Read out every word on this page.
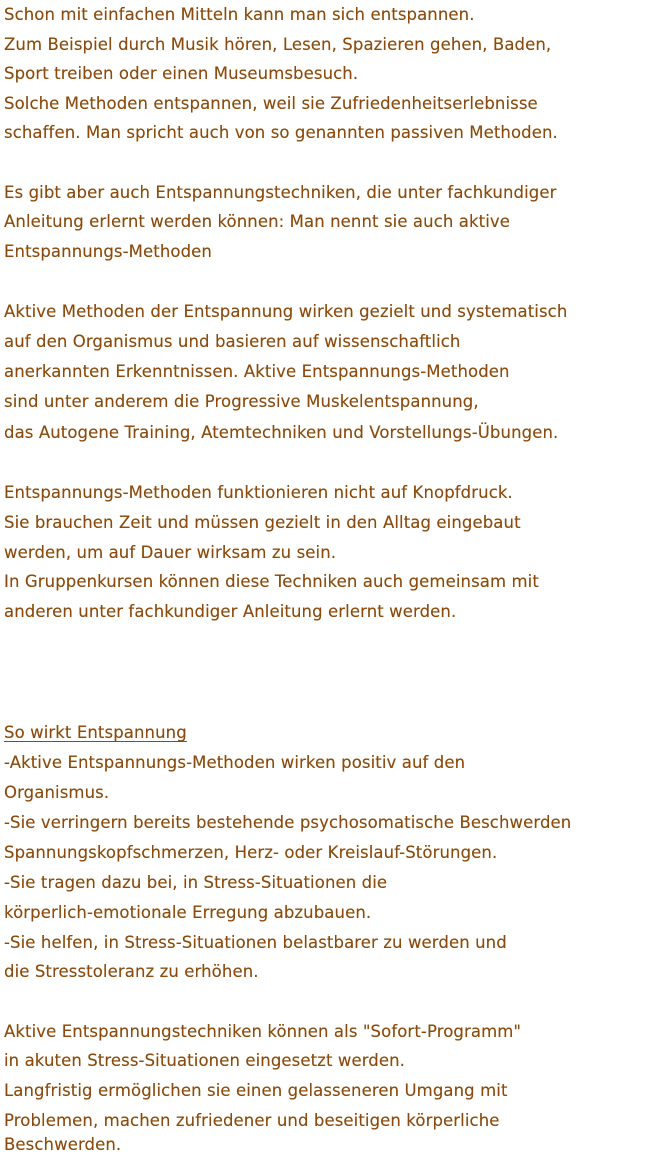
Schon mit einfachen Mitteln kann man sich entspannen.
Zum Beispiel durch Musik hören, Lesen, Spazieren gehen, Baden,
Sport treiben oder einen Museumsbesuch.
Solche Methoden entspannen, weil sie Zufriedenheitserlebnisse
schaffen. Man spricht auch von so genannten passiven Methoden.
Es gibt aber auch Entspannungstechniken, die unter fachkundiger
Anleitung erlernt werden können: Man nennt sie auch aktive
Entspannungs-Methoden
Aktive Methoden der Entspannung wirken gezielt und systematisch
auf den Organismus und basieren auf wissenschaftlich
anerkannten Erkenntnissen. Aktive Entspannungs-Methoden
sind unter anderem die Progressive Muskelentspannung,
das Autogene Training, Atemtechniken und Vorstellungs-Übungen.
Entspannungs-Methoden funktionieren nicht auf Knopfdruck.
Sie brauchen Zeit und müssen gezielt in den Alltag eingebaut
werden, um auf Dauer wirksam zu sein.
In Gruppenkursen können diese Techniken auch gemeinsam mit
anderen unter fachkundiger Anleitung erlernt werden.
So wirkt Entspannung
-Aktive Entspannungs-Methoden wirken positiv auf den
Organismus.
-Sie verringern bereits bestehende psychosomatische Beschwerden
Spannungskopfschmerzen, Herz- oder Kreislauf-Störungen.
-Sie tragen dazu bei, in Stress-Situationen die
körperlich-emotionale Erregung abzubauen.
-Sie helfen, in Stress-Situationen belastbarer zu werden und
die Stresstoleranz zu erhöhen.
Aktive Entspannungstechniken können als "Sofort-Programm"
in akuten Stress-Situationen eingesetzt werden.
Langfristig ermöglichen sie einen gelasseneren Umgang mit
Problemen, machen zufriedener und beseitigen körperliche
Beschwerden.
